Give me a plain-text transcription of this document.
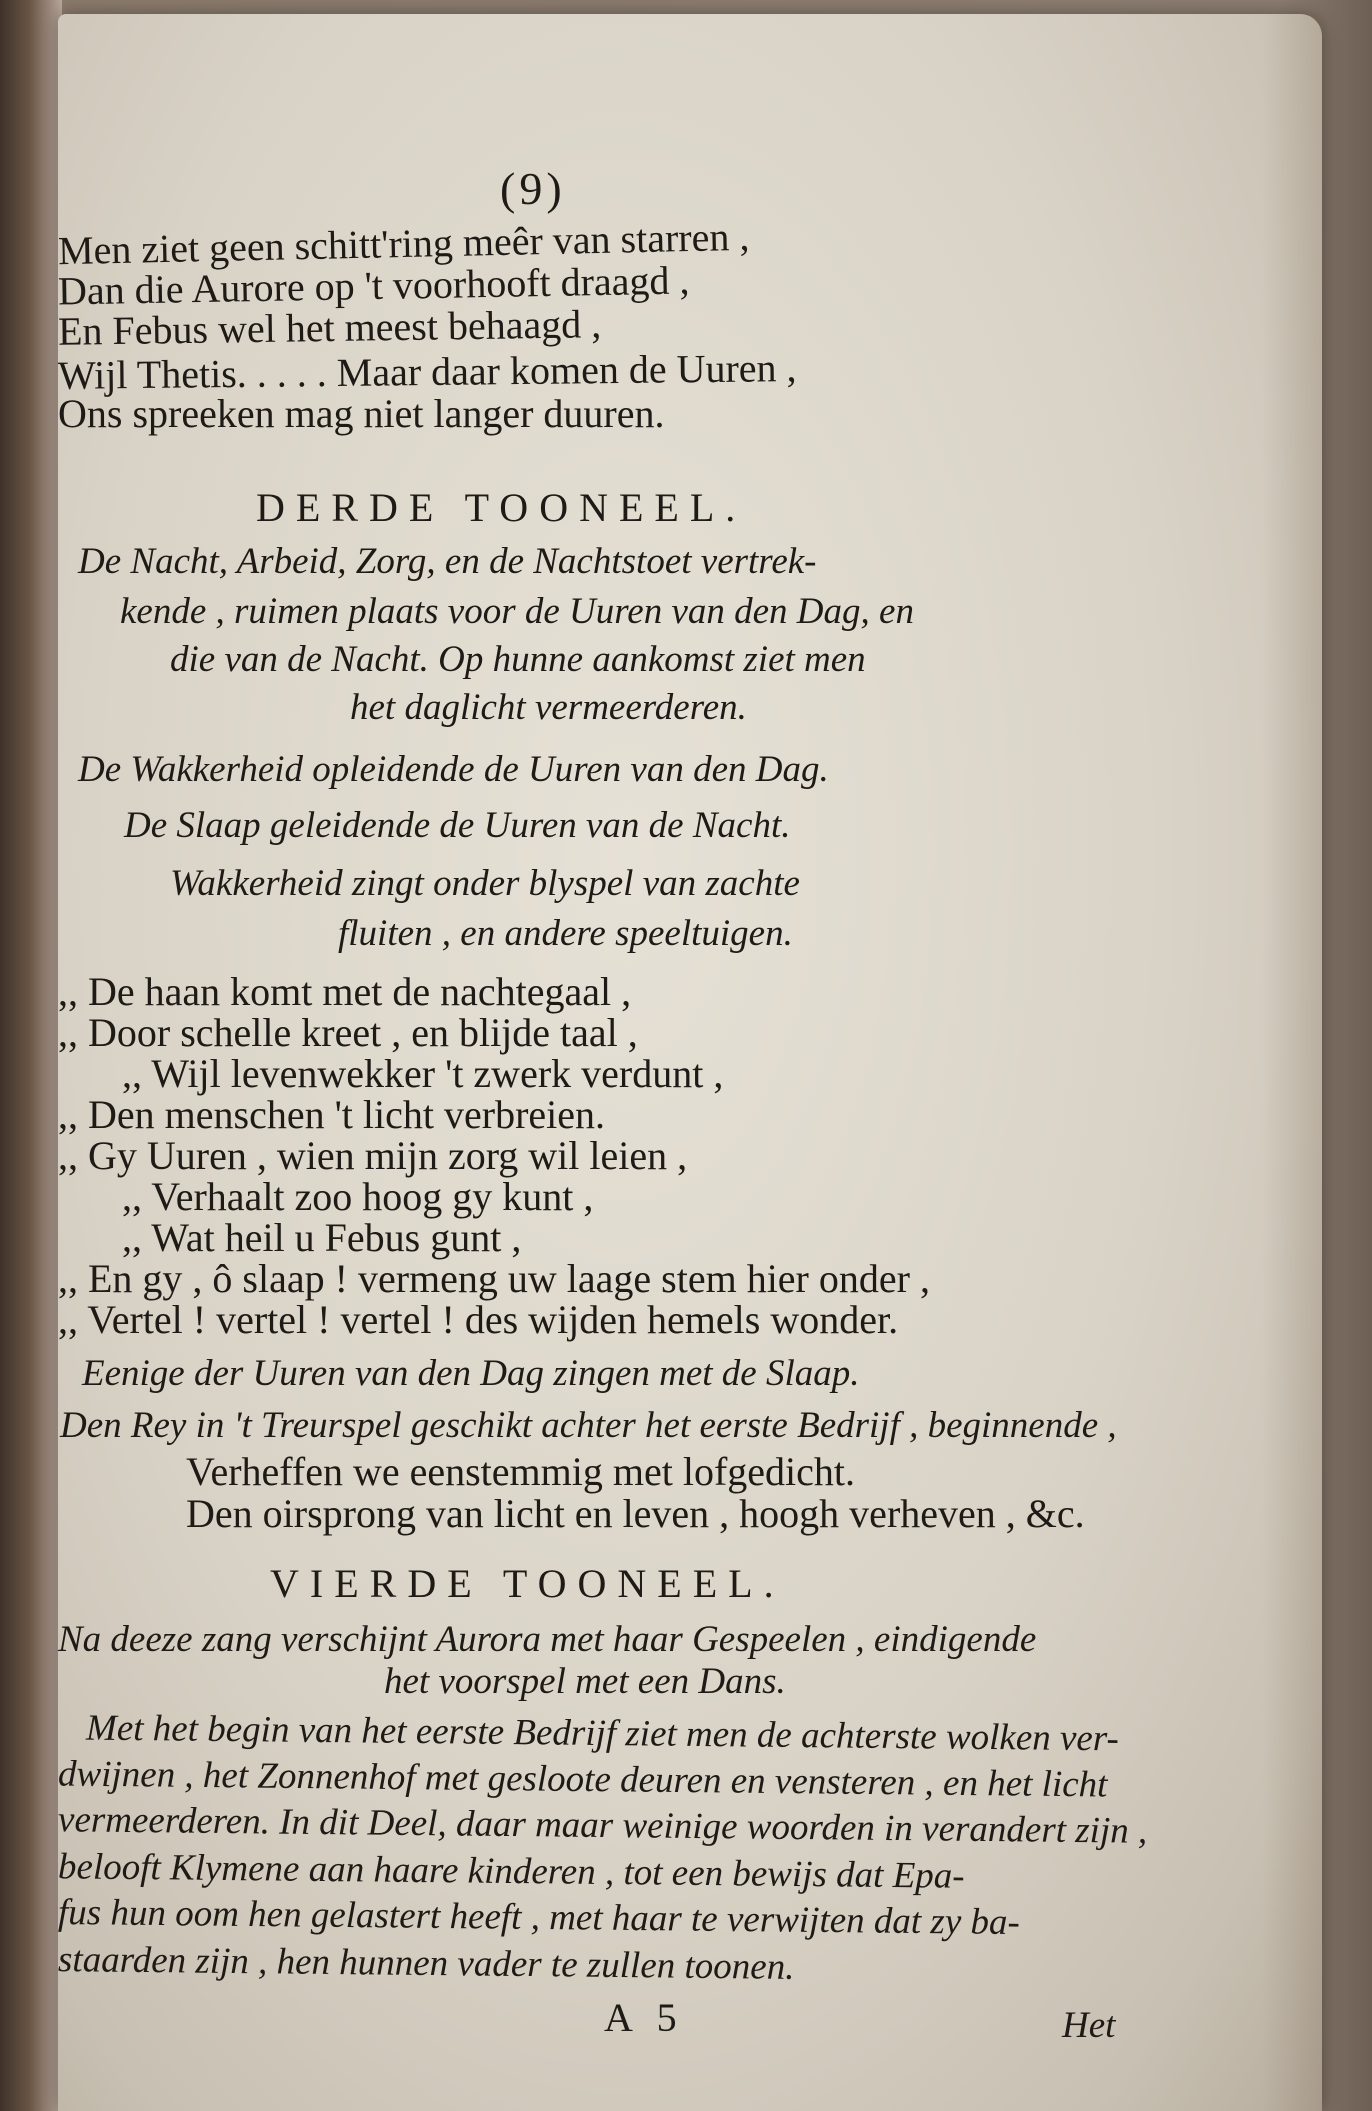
(9)

Men ziet geen schitt'ring meêr van starren ,

Dan die Aurore op 't voorhooft draagd ,

En Febus wel het meest behaagd ,

Wijl Thetis. . . . . Maar daar komen de Uuren ,

Ons spreeken mag niet langer duuren.

DERDE TOONEEL.

De Nacht, Arbeid, Zorg, en de Nachtstoet vertrek-

kende , ruimen plaats voor de Uuren van den Dag, en

die van de Nacht. Op hunne aankomst ziet men

het daglicht vermeerderen.

De Wakkerheid opleidende de Uuren van den Dag.

De Slaap geleidende de Uuren van de Nacht.

Wakkerheid zingt onder blyspel van zachte

fluiten , en andere speeltuigen.

,, De haan komt met de nachtegaal ,

,, Door schelle kreet , en blijde taal ,

,, Wijl levenwekker 't zwerk verdunt ,

,, Den menschen 't licht verbreien.

,, Gy Uuren , wien mijn zorg wil leien ,

,, Verhaalt zoo hoog gy kunt ,

,, Wat heil u Febus gunt ,

,, En gy , ô slaap ! vermeng uw laage stem hier onder ,

,, Vertel ! vertel ! vertel ! des wijden hemels wonder.

Eenige der Uuren van den Dag zingen met de Slaap.

Den Rey in 't Treurspel geschikt achter het eerste Bedrijf , beginnende ,

Verheffen we eenstemmig met lofgedicht.

Den oirsprong van licht en leven , hoogh verheven , &c.

VIERDE TOONEEL.

Na deeze zang verschijnt Aurora met haar Gespeelen , eindigende

het voorspel met een Dans.

Met het begin van het eerste Bedrijf ziet men de achterste wolken ver-

dwijnen , het Zonnenhof met gesloote deuren en vensteren , en het licht

vermeerderen. In dit Deel, daar maar weinige woorden in verandert zijn ,

belooft Klymene aan haare kinderen , tot een bewijs dat Epa-

fus hun oom hen gelastert heeft , met haar te verwijten dat zy ba-

staarden zijn , hen hunnen vader te zullen toonen.

A 5	Het
